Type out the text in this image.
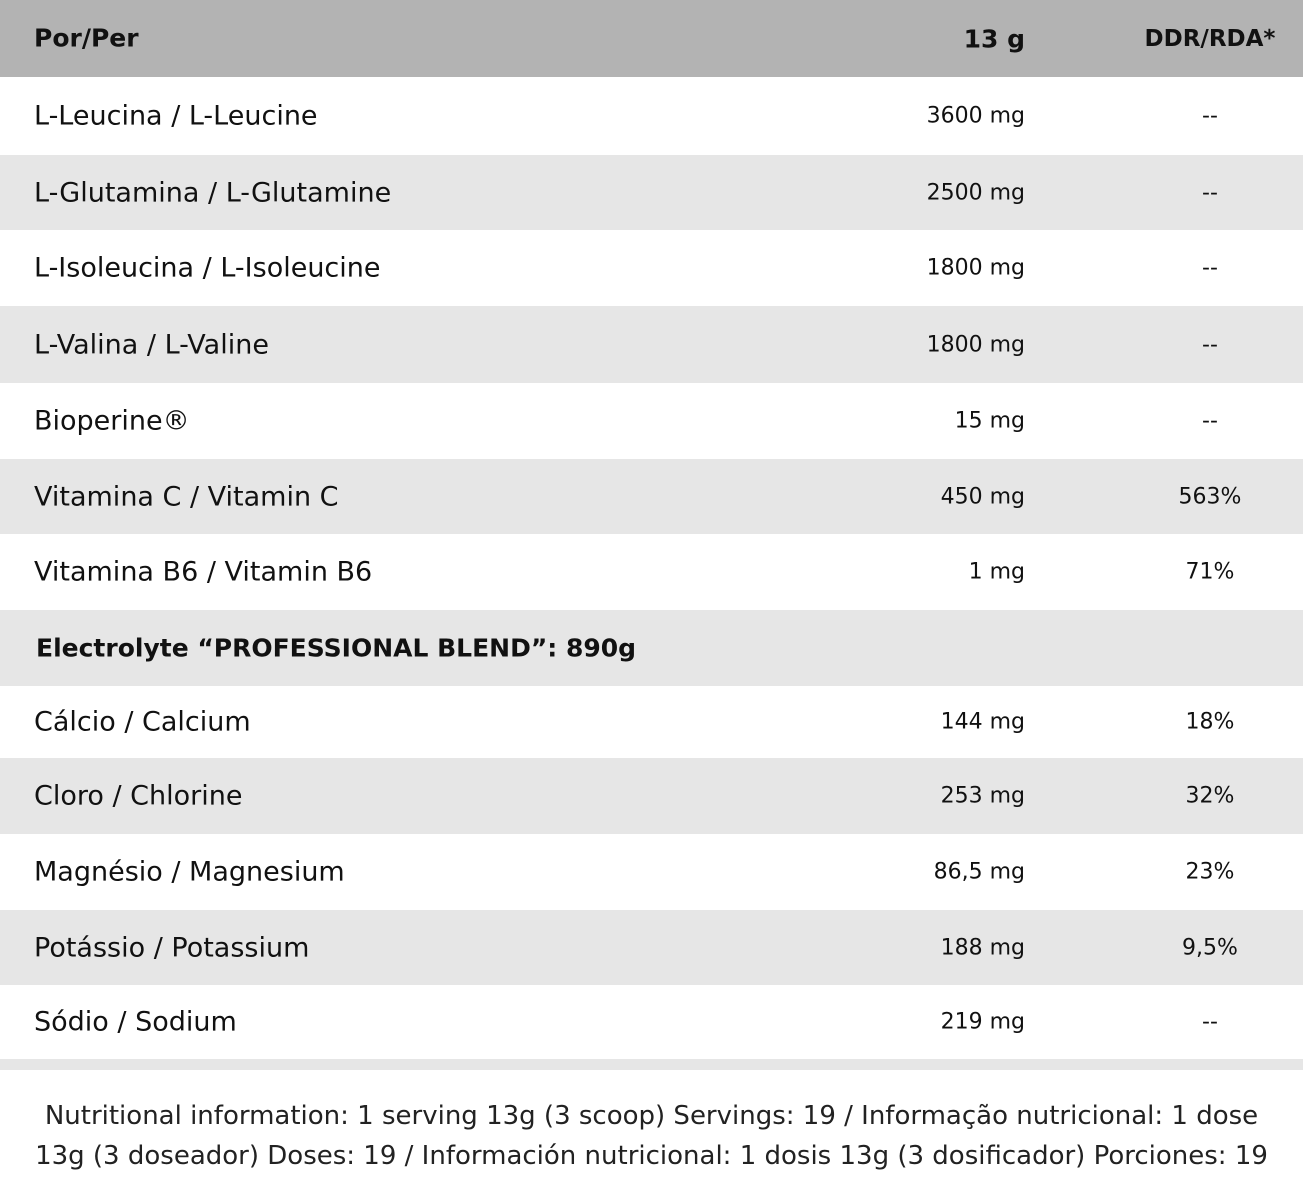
Por/Per	13 g	DDR/RDA*
L-Leucina / L-Leucine	3600 mg	--
L-Glutamina / L-Glutamine	2500 mg	--
L-Isoleucina / L-Isoleucine	1800 mg	--
L-Valina / L-Valine	1800 mg	--
Bioperine®	15 mg	--
Vitamina C / Vitamin C	450 mg	563%
Vitamina B6 / Vitamin B6	1 mg	71%
Electrolyte “PROFESSIONAL BLEND”: 890g
Cálcio / Calcium	144 mg	18%
Cloro / Chlorine	253 mg	32%
Magnésio / Magnesium	86,5 mg	23%
Potássio / Potassium	188 mg	9,5%
Sódio / Sodium	219 mg	--
Nutritional information: 1 serving 13g (3 scoop) Servings: 19 / Informação nutricional: 1 dose 13g (3 doseador) Doses: 19 / Información nutricional: 1 dosis 13g (3 dosificador) Porciones: 19
